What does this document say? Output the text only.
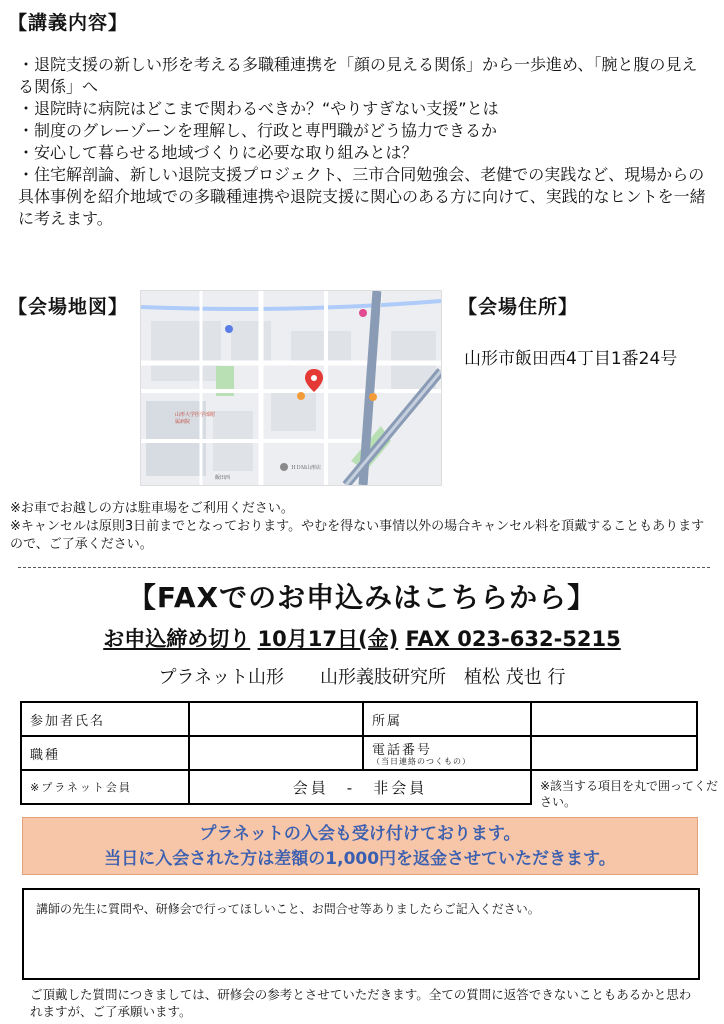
【講義内容】
・退院支援の新しい形を考える多職種連携を「顔の見える関係」から一歩進め、「腕と腹の見える関係」へ
・退院時に病院はどこまで関わるべきか？“やりすぎない支援”とは
・制度のグレーゾーンを理解し、行政と専門職がどう協力できるか
・安心して暮らせる地域づくりに必要な取り組みとは？
・住宅解剖論、新しい退院支援プロジェクト、三市合同勉強会、老健での実践など、現場からの具体事例を紹介地域での多職種連携や退院支援に関心のある方に向けて、実践的なヒントを一緒に考えます。
【会場地図】
山形大学医学部附属病院
ＨＤＭ山形店
飯田西
【会場住所】
山形市飯田西4丁目1番24号
※お車でお越しの方は駐車場をご利用ください。
※キャンセルは原則3日前までとなっております。やむを得ない事情以外の場合キャンセル料を頂戴することもありますので、ご了承ください。
【FAXでのお申込みはこちらから】
お申込締め切り 10月17日(金) FAX 023-632-5215
プラネット山形　　山形義肢研究所　植松 茂也 行
参加者氏名		所属	
職種		電話番号
（当日連絡のつくもの）	

※プラネット会員	会員　-　非会員			※該当する項目を丸で囲ってください。
プラネットの入会も受け付けております。
当日に入会された方は差額の1,000円を返金させていただきます。
講師の先生に質問や、研修会で行ってほしいこと、お問合せ等ありましたらご記入ください。
ご頂戴した質問につきましては、研修会の参考とさせていただきます。全ての質問に返答できないこともあるかと思われますが、ご了承願います。
